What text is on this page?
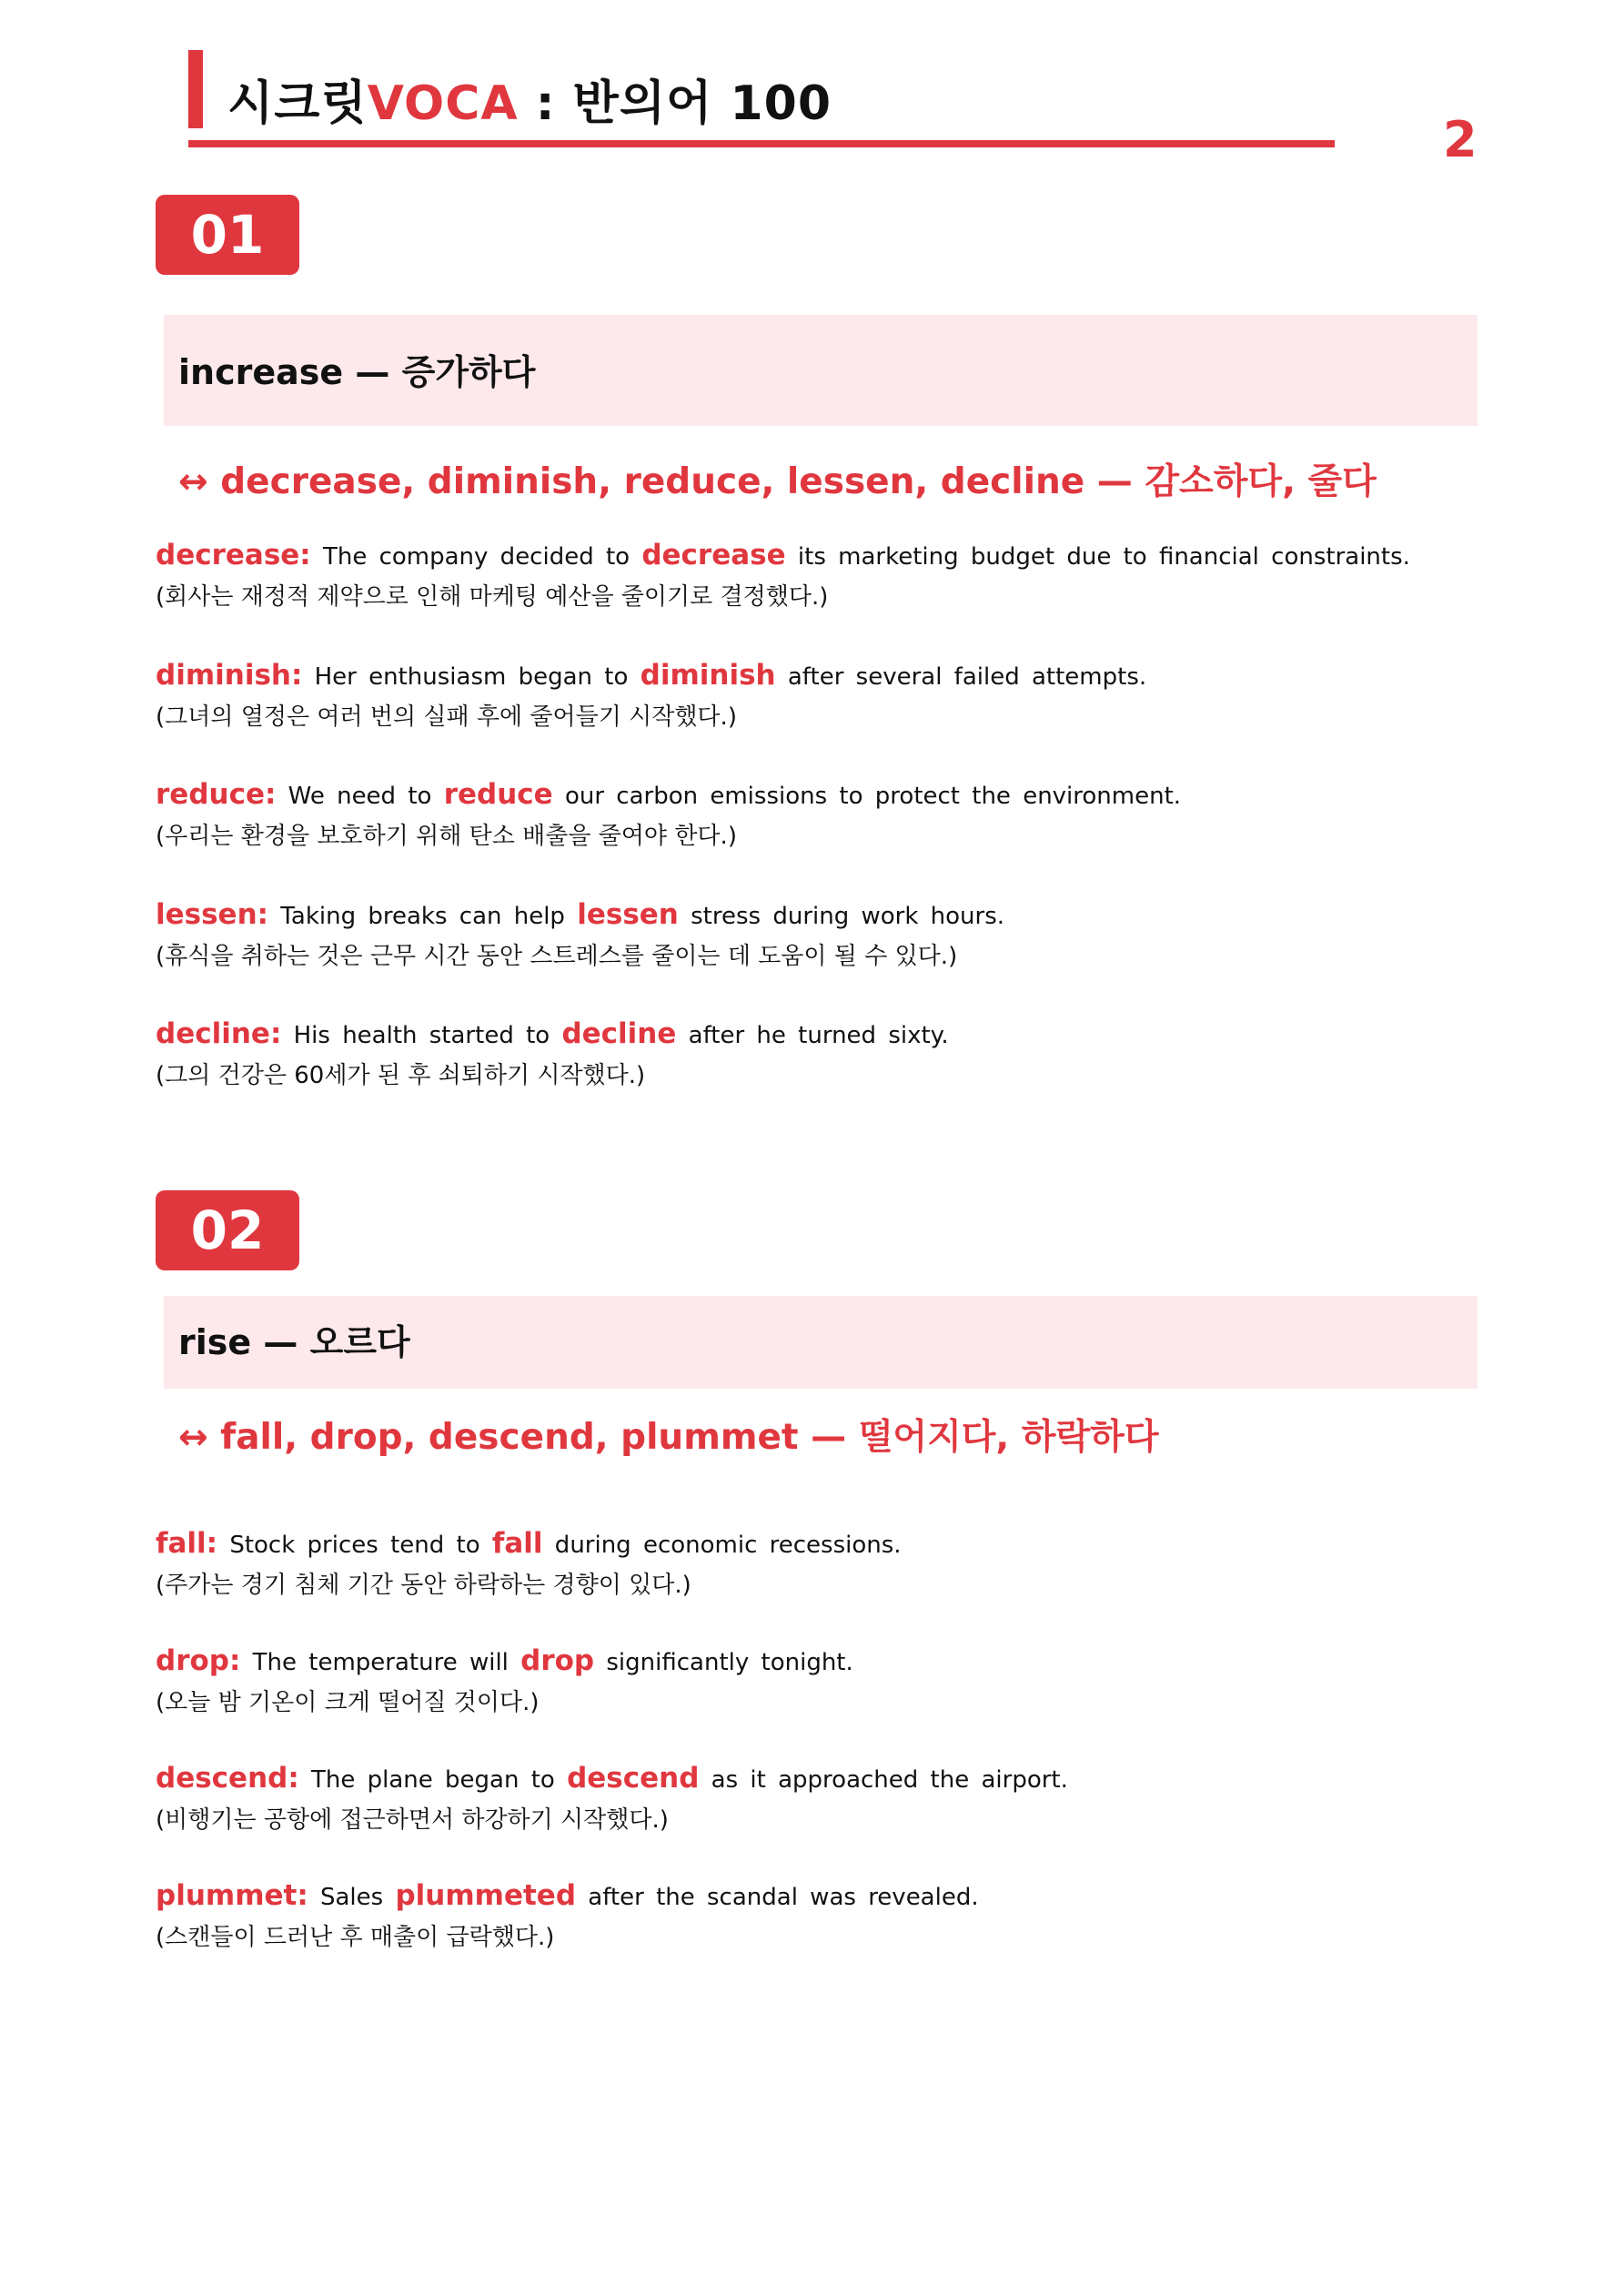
시크릿VOCA : 반의어 100
2
01
increase — 증가하다
↔ decrease, diminish, reduce, lessen, decline — 감소하다, 줄다
decrease: The company decided to decrease its marketing budget due to financial constraints.
(회사는 재정적 제약으로 인해 마케팅 예산을 줄이기로 결정했다.)
diminish: Her enthusiasm began to diminish after several failed attempts.
(그녀의 열정은 여러 번의 실패 후에 줄어들기 시작했다.)
reduce: We need to reduce our carbon emissions to protect the environment.
(우리는 환경을 보호하기 위해 탄소 배출을 줄여야 한다.)
lessen: Taking breaks can help lessen stress during work hours.
(휴식을 취하는 것은 근무 시간 동안 스트레스를 줄이는 데 도움이 될 수 있다.)
decline: His health started to decline after he turned sixty.
(그의 건강은 60세가 된 후 쇠퇴하기 시작했다.)
02
rise — 오르다
↔ fall, drop, descend, plummet — 떨어지다, 하락하다
fall: Stock prices tend to fall during economic recessions.
(주가는 경기 침체 기간 동안 하락하는 경향이 있다.)
drop: The temperature will drop significantly tonight.
(오늘 밤 기온이 크게 떨어질 것이다.)
descend: The plane began to descend as it approached the airport.
(비행기는 공항에 접근하면서 하강하기 시작했다.)
plummet: Sales plummeted after the scandal was revealed.
(스캔들이 드러난 후 매출이 급락했다.)
